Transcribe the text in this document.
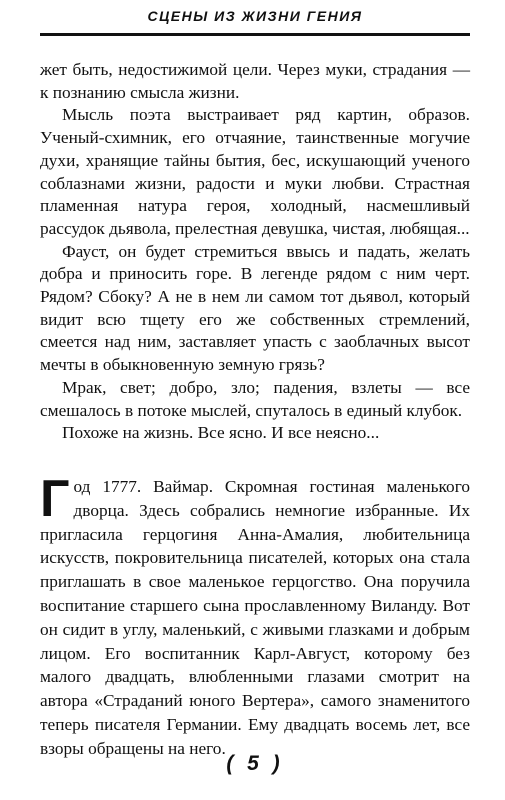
СЦЕНЫ ИЗ ЖИЗНИ ГЕНИЯ

жет быть, недостижимой цели. Через муки, страдания — к познанию смысла жизни.

Мысль поэта выстраивает ряд картин, образов. Ученый-схимник, его отчаяние, таинственные могучие духи, хранящие тайны бытия, бес, искушающий ученого соблазнами жизни, радости и муки любви. Страстная пламенная натура героя, холодный, насмешливый рассудок дьявола, прелестная девушка, чистая, любящая...

Фауст, он будет стремиться ввысь и падать, желать добра и приносить горе. В легенде рядом с ним черт. Рядом? Сбоку? А не в нем ли самом тот дьявол, который видит всю тщету его же собственных стремлений, смеется над ним, заставляет упасть с заоблачных высот мечты в обыкновенную земную грязь?

Мрак, свет; добро, зло; падения, взлеты — все смешалось в потоке мыслей, спуталось в единый клубок.

Похоже на жизнь. Все ясно. И все неясно...

Год 1777. Ваймар. Скромная гостиная маленького дворца. Здесь собрались немногие избранные. Их пригласила герцогиня Анна-Амалия, любительница искусств, покровительница писателей, которых она стала приглашать в свое маленькое герцогство. Она поручила воспитание старшего сына прославленному Виланду. Вот он сидит в углу, маленький, с живыми глазками и добрым лицом. Его воспитанник Карл-Август, которому без малого двадцать, влюбленными глазами смотрит на автора «Страданий юного Вертера», самого знаменитого теперь писателя Германии. Ему двадцать восемь лет, все взоры обращены на него.

( 5 )
